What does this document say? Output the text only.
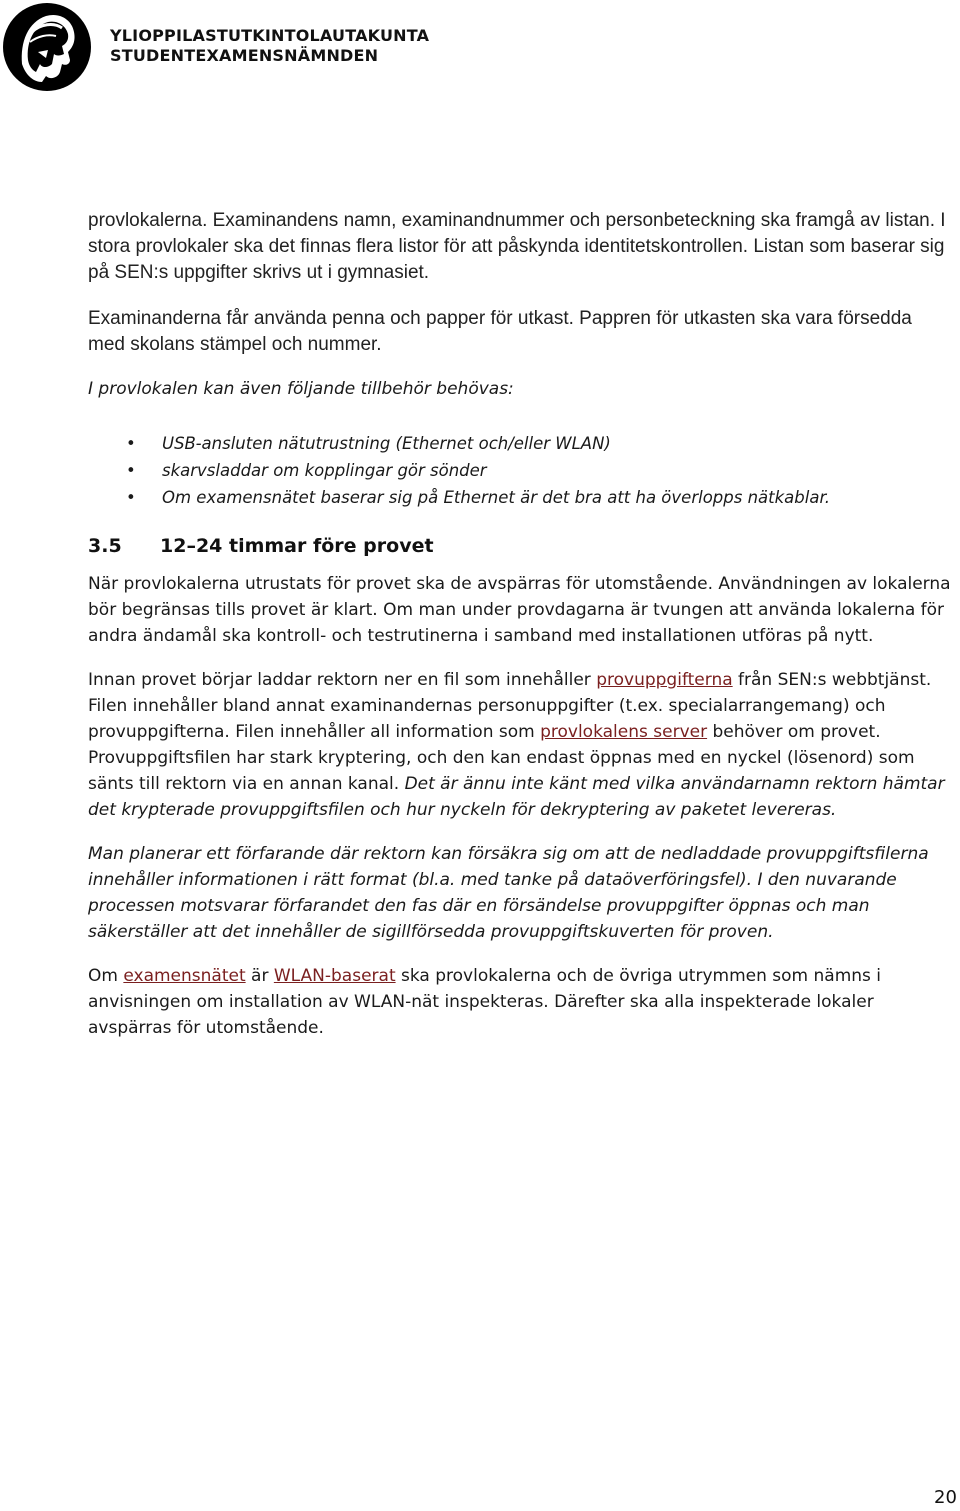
YLIOPPILASTUTKINTOLAUTAKUNTA
STUDENTEXAMENSNÄMNDEN

provlokalerna. Examinandens namn, examinandnummer och personbeteckning ska framgå av listan. I stora provlokaler ska det finnas flera listor för att påskynda identitetskontrollen. Listan som baserar sig på SEN:s uppgifter skrivs ut i gymnasiet.

Examinanderna får använda penna och papper för utkast. Pappren för utkasten ska vara försedda med skolans stämpel och nummer.

I provlokalen kan även följande tillbehör behövas:

• USB-ansluten nätutrustning (Ethernet och/eller WLAN)
• skarvsladdar om kopplingar gör sönder
• Om examensnätet baserar sig på Ethernet är det bra att ha överlopps nätkablar.
3.5 12–24 timmar före provet

När provlokalerna utrustats för provet ska de avspärras för utomstående. Användningen av lokalerna bör begränsas tills provet är klart. Om man under provdagarna är tvungen att använda lokalerna för andra ändamål ska kontroll- och testrutinerna i samband med installationen utföras på nytt.

Innan provet börjar laddar rektorn ner en fil som innehåller provuppgifterna från SEN:s webbtjänst. Filen innehåller bland annat examinandernas personuppgifter (t.ex. specialarrangemang) och provuppgifterna. Filen innehåller all information som provlokalens server behöver om provet. Provuppgiftsfilen har stark kryptering, och den kan endast öppnas med en nyckel (lösenord) som sänts till rektorn via en annan kanal. Det är ännu inte känt med vilka användarnamn rektorn hämtar det krypterade provuppgiftsfilen och hur nyckeln för dekryptering av paketet levereras.

Man planerar ett förfarande där rektorn kan försäkra sig om att de nedladdade provuppgiftsfilerna innehåller informationen i rätt format (bl.a. med tanke på dataöverföringsfel). I den nuvarande processen motsvarar förfarandet den fas där en försändelse provuppgifter öppnas och man säkerställer att det innehåller de sigillförsedda provuppgiftskuverten för proven.

Om examensnätet är WLAN-baserat ska provlokalerna och de övriga utrymmen som nämns i anvisningen om installation av WLAN-nät inspekteras. Därefter ska alla inspekterade lokaler avspärras för utomstående.

20
